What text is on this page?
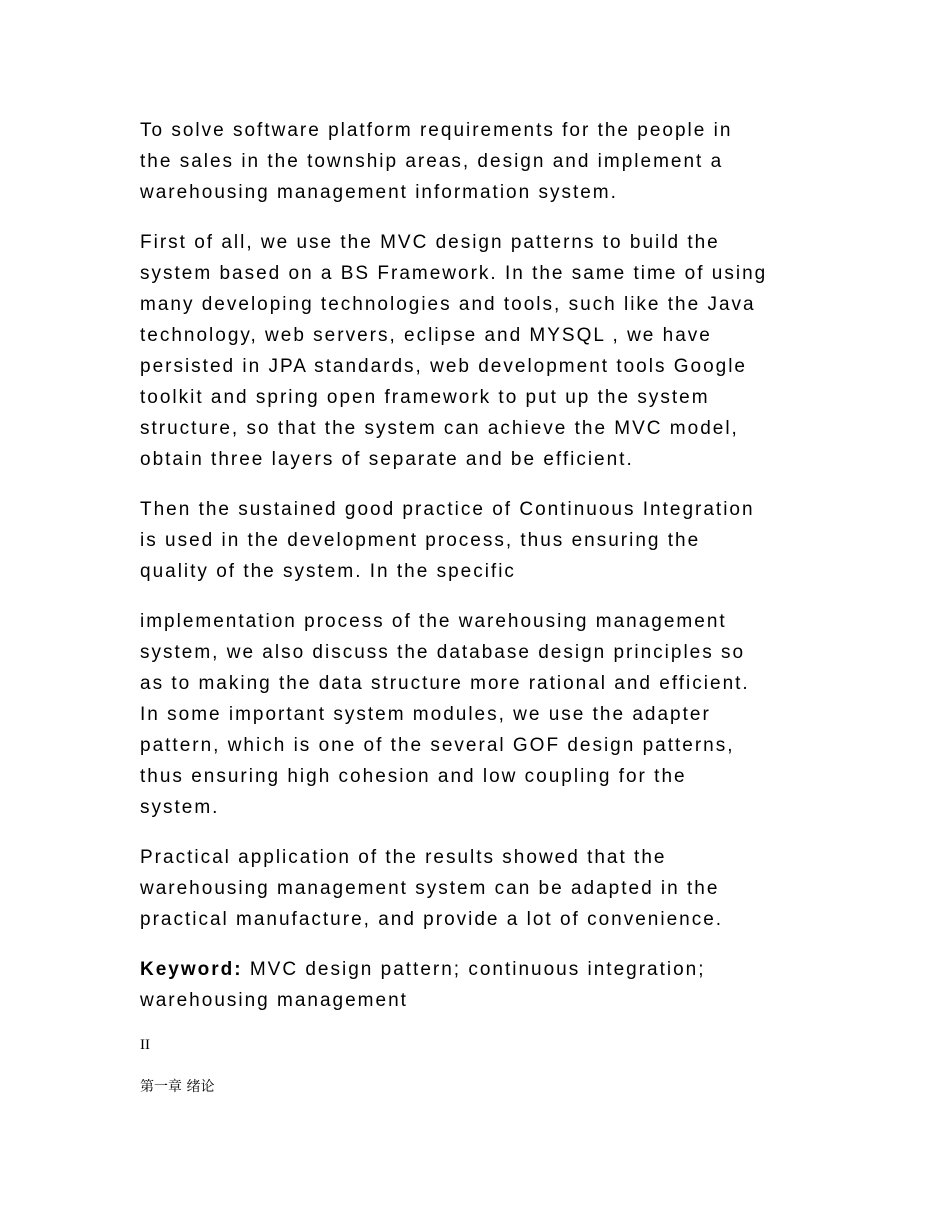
To solve software platform requirements for the people in
the sales in the township areas, design and implement a
warehousing management information system.

First of all, we use the MVC design patterns to build the
system based on a BS Framework. In the same time of using
many developing technologies and tools, such like the Java
technology, web servers, eclipse and MYSQL , we have
persisted in JPA standards, web development tools Google
toolkit and spring open framework to put up the system
structure, so that the system can achieve the MVC model,
obtain three layers of separate and be efficient.

Then the sustained good practice of Continuous Integration
is used in the development process, thus ensuring the
quality of the system. In the specific

implementation process of the warehousing management
system, we also discuss the database design principles so
as to making the data structure more rational and efficient.
In some important system modules, we use the adapter
pattern, which is one of the several GOF design patterns,
thus ensuring high cohesion and low coupling for the
system.

Practical application of the results showed that the
warehousing management system can be adapted in the
practical manufacture, and provide a lot of convenience.

Keyword: MVC design pattern; continuous integration;
warehousing management

II

第一章 绪论
